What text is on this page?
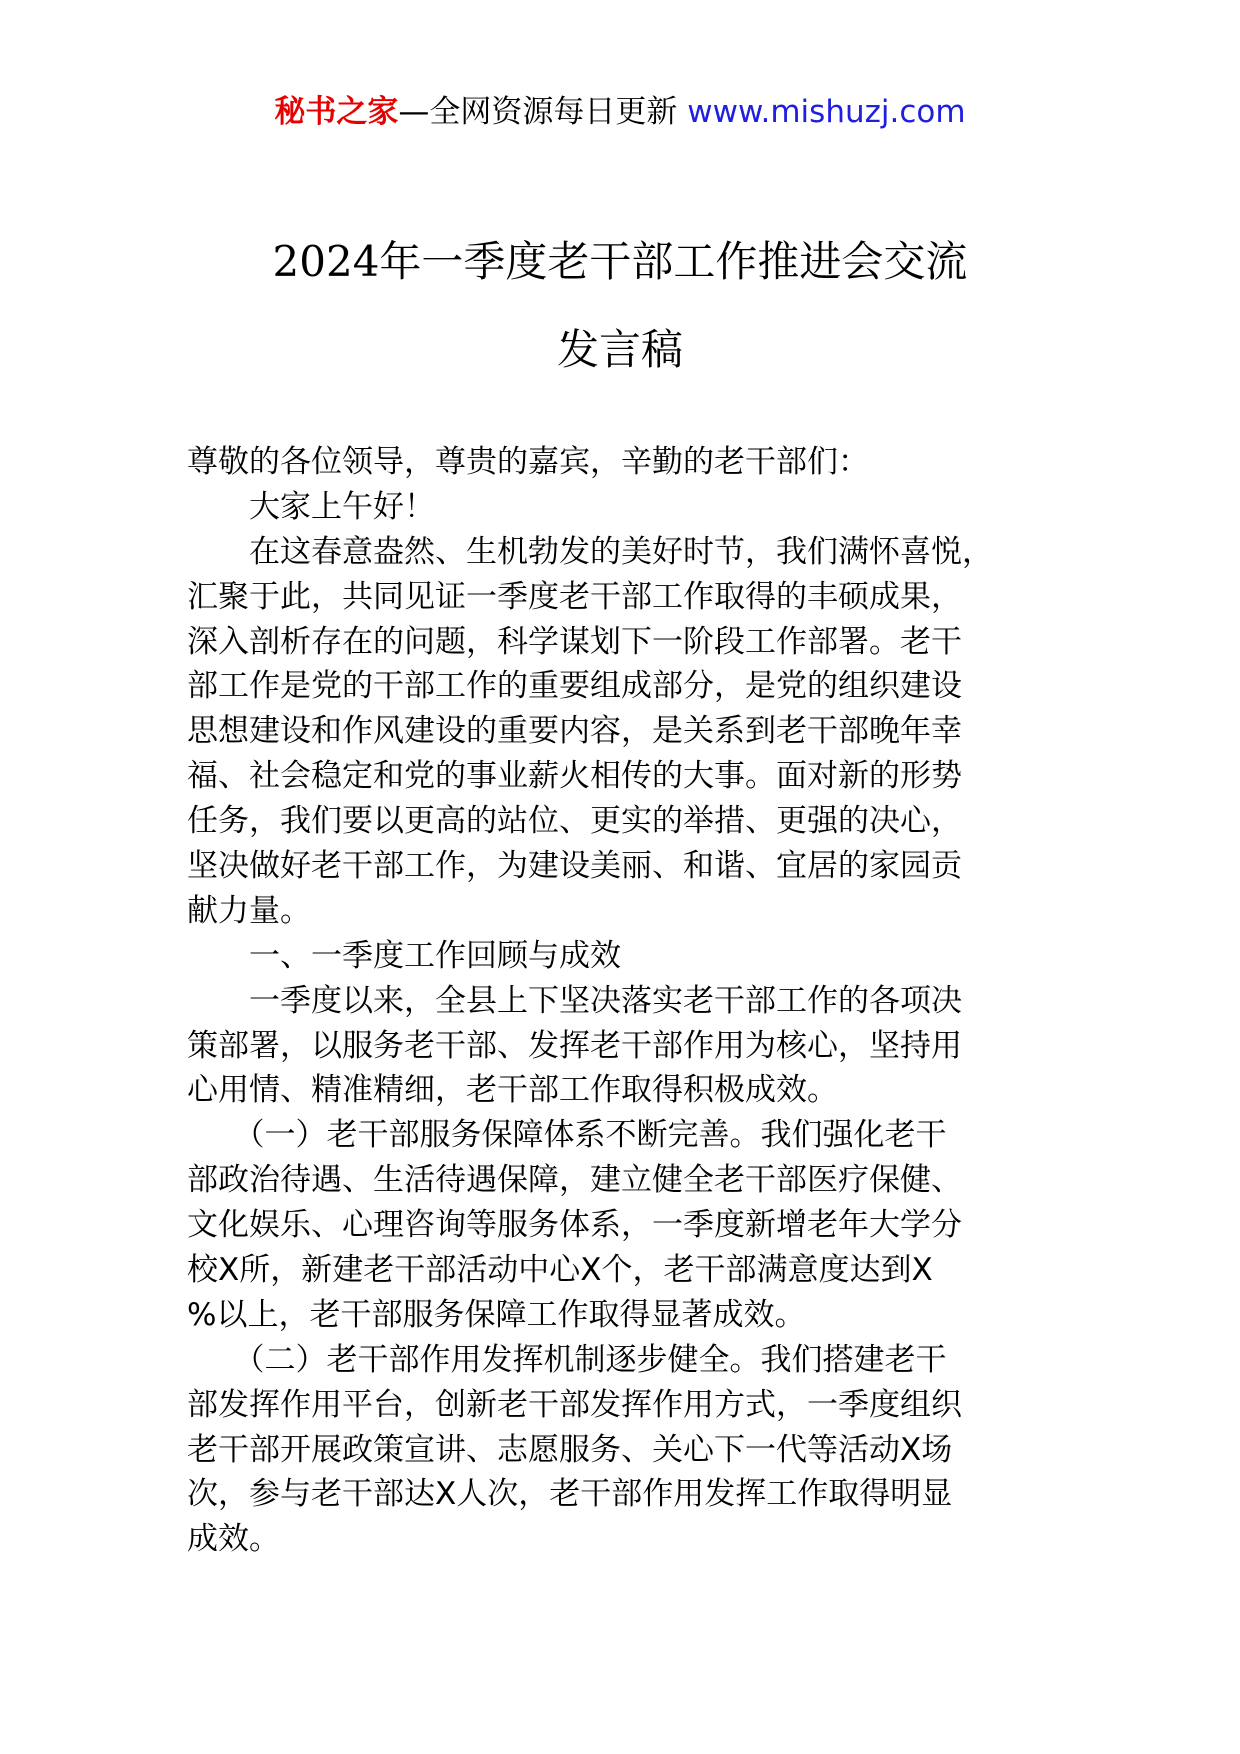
秘书之家—全网资源每日更新 www.mishuzj.com
2024年一季度老干部工作推进会交流
发言稿
尊敬的各位领导，尊贵的嘉宾，辛勤的老干部们：
　　大家上午好！
　　在这春意盎然、生机勃发的美好时节，我们满怀喜悦，
汇聚于此，共同见证一季度老干部工作取得的丰硕成果，
深入剖析存在的问题，科学谋划下一阶段工作部署。老干
部工作是党的干部工作的重要组成部分，是党的组织建设
思想建设和作风建设的重要内容，是关系到老干部晚年幸
福、社会稳定和党的事业薪火相传的大事。面对新的形势
任务，我们要以更高的站位、更实的举措、更强的决心，
坚决做好老干部工作，为建设美丽、和谐、宜居的家园贡
献力量。
　　一、一季度工作回顾与成效
　　一季度以来，全县上下坚决落实老干部工作的各项决
策部署，以服务老干部、发挥老干部作用为核心，坚持用
心用情、精准精细，老干部工作取得积极成效。
　　（一）老干部服务保障体系不断完善。我们强化老干
部政治待遇、生活待遇保障，建立健全老干部医疗保健、
文化娱乐、心理咨询等服务体系，一季度新增老年大学分
校X所，新建老干部活动中心X个，老干部满意度达到X
%以上，老干部服务保障工作取得显著成效。
　　（二）老干部作用发挥机制逐步健全。我们搭建老干
部发挥作用平台，创新老干部发挥作用方式，一季度组织
老干部开展政策宣讲、志愿服务、关心下一代等活动X场
次，参与老干部达X人次，老干部作用发挥工作取得明显
成效。
